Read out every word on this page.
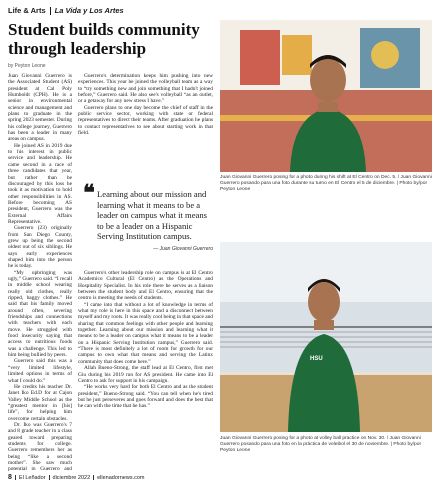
Life & Arts La Vida y Los Artes
Student builds community through leadership
by Peyton Leone

Juan Giovanni Guerrero is the Associated Student (AS) president at Cal Poly Humboldt (CPH). He is a senior in environmental science and management and plans to graduate in the spring 2023 semester. During his college journey, Guerrero has been a leader in many areas on campus.

He joined AS in 2019 due to his interest in public service and leadership. He came second in a race of three candidates that year, but rather than be discouraged by this loss he took it as motivation to hold other responsibilities in AS. Before becoming AS president, Guerrero was the External Affairs Representative.

Guerrero (23) originally from San Diego County, grew up being the second oldest out of six siblings. He says early experiences shaped him into the person he is today.

“My upbringing was ugly,” Guerrero said. “I recall in middle school wearing really old clothes, really ripped, baggy clothes.” He said that his family moved around often, severing friendships and connections with teachers with each move. He struggled with food insecurity saying that access to nutritious foods was a challenge. This led to him being bullied by peers.

Guerrero said this was a “very limited lifestyle, limited options in terms of what I could do.”

He credits his teacher Dr. Janet Iko Ed.D for at Cajon Valley Middle School as the “greatest mentor in [his] life”, for helping him overcome certain obstacles.

Dr. Iko was Guerrero's 7 and 8 grade teacher in a class geared toward preparing students for college. Guerrero remembers her as being “like a second mother”. She saw much potential in Guerrero and

Guerrero's determination keeps him pushing into new experiences. This year he joined the volleyball team as a way to “try something new and join something that I hadn't joined before,” Guerrero said. He also see's volleyball “as an outlet, or a getaway for any new stress I have.”

Guerrero plans to one day become the chief of staff in the public service sector, working with state or federal representatives to direct their teams. After graduation he plans to contact representatives to see about starting work in that field.

❝ Learning about our mission and learning what it means to be a leader on campus what it means to be a leader on a Hispanic Serving Institution campus.
— Juan Giovanni Guerrero

Guerrero's other leadership role on campus is at El Centro Academico Cultural (El Centro) as the Operations and Hospitality Specialist. In his role there he serves as a liaison between the student body and El Centro, ensuring that the centro is meeting the needs of students.

“I came into that without a lot of knowledge in terms of what my role is here in this space and a disconnect between myself and my roots. It was really cool being in that space and sharing that common feelings with other people and learning together. Learning about our mission and learning what it means to be a leader on campus what it means to be a leader on a Hispanic Serving Institution campus,” Guerrero said. “There is most definitely a lot of room for growth for our campus to own what that means and serving the Latinx community that does come here.”

Allah Bueno-Strong, the staff lead at El Centro, first met Giu during his 2019 run for AS president. He came into El Centro to ask for support in his campaign.

“He works very hard for both El Centro and as the student president,” Bueno-Strong said. “You can tell when he's tired but he just perseveres and goes forward and does the best that he can with the time that he has.”

Juan Giovanni Guerrero posing for a photo during his shift at El Centro on Dec. 5. / Juan Giovanni Guerrero posando para una foto durante su turno en El Centro el 5 de diciembre. | Photo by/por Peyton Leone
HSU
Juan Giovanni Guerrero posing for a photo at volley ball practice on Nov. 30. / Juan Giovanni Guerrero posando para una foto en la práctica de voleibol el 30 de noviembre. | Photo by/por Peyton Leone
8 El Leñador diciembre 2022 ellenadornews.com
